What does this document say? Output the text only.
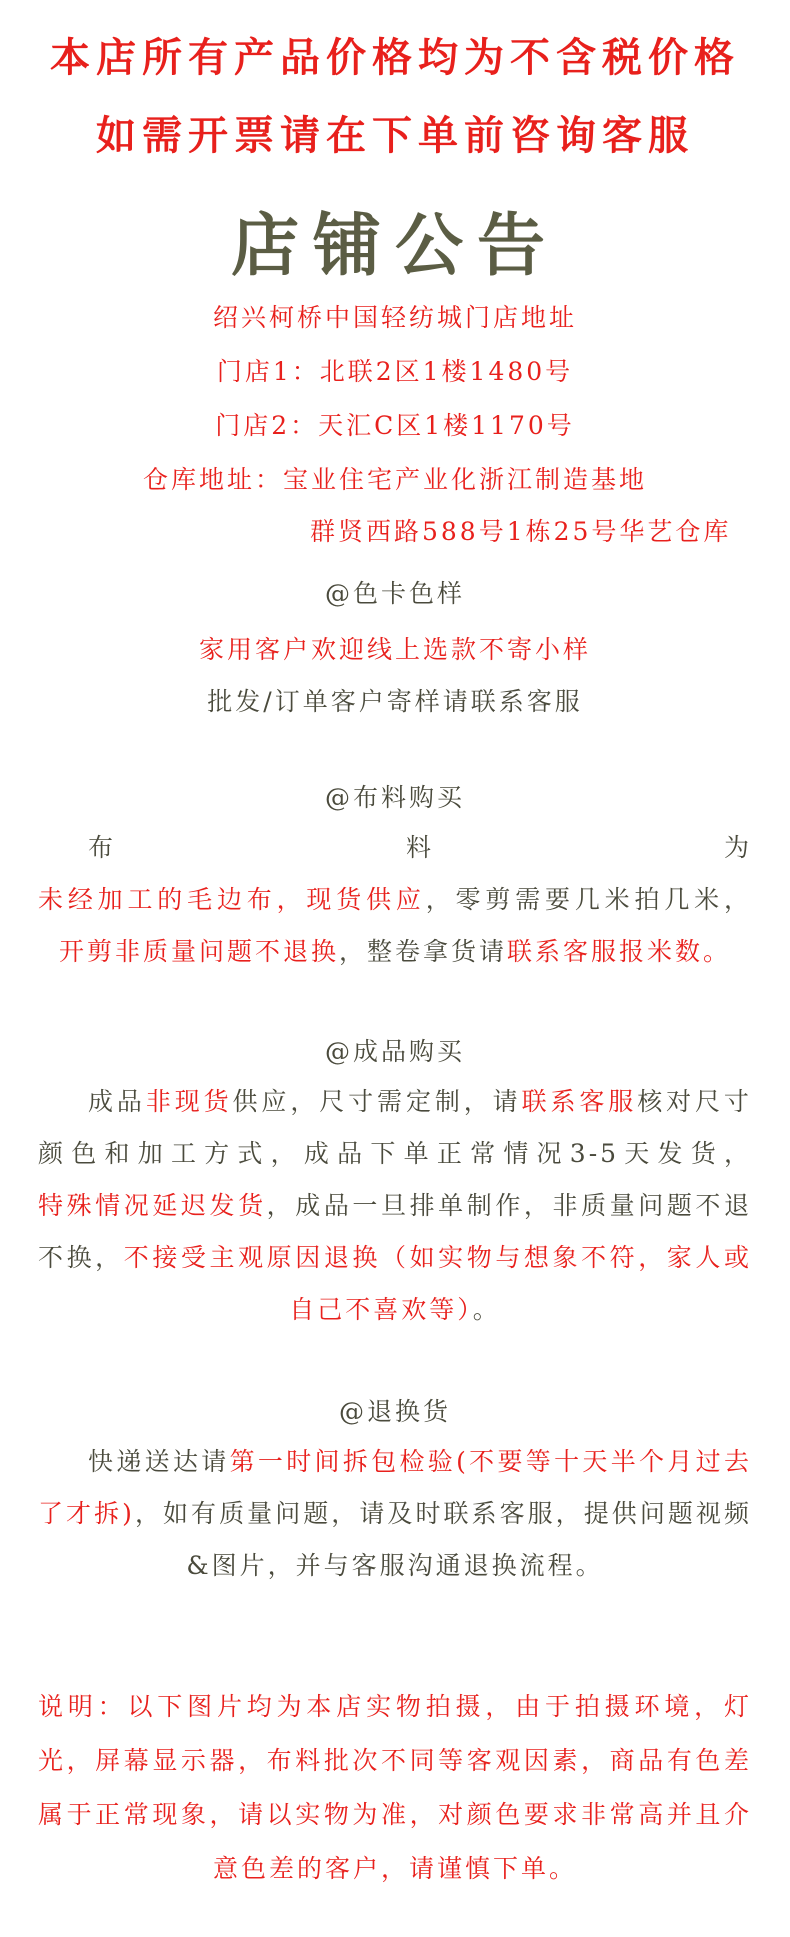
本店所有产品价格均为不含税价格
如需开票请在下单前咨询客服
店铺公告
绍兴柯桥中国轻纺城门店地址
门店1：北联2区1楼1480号
门店2：天汇C区1楼1170号
仓库地址：宝业住宅产业化浙江制造基地
群贤西路588号1栋25号华艺仓库
@色卡色样
家用客户欢迎线上选款不寄小样
批发/订单客户寄样请联系客服
@布料购买
布料为未经加工的毛边布，现货供应，零剪需要几米拍几米，开剪非质量问题不退换，整卷拿货请联系客服报米数。
@成品购买
成品非现货供应，尺寸需定制，请联系客服核对尺寸颜色和加工方式，成品下单正常情况3-5天发货，特殊情况延迟发货，成品一旦排单制作，非质量问题不退不换，不接受主观原因退换（如实物与想象不符，家人或自己不喜欢等）。
@退换货
快递送达请第一时间拆包检验(不要等十天半个月过去了才拆)，如有质量问题，请及时联系客服，提供问题视频&图片，并与客服沟通退换流程。
说明：以下图片均为本店实物拍摄，由于拍摄环境，灯光，屏幕显示器，布料批次不同等客观因素，商品有色差属于正常现象，请以实物为准，对颜色要求非常高并且介意色差的客户，请谨慎下单。
